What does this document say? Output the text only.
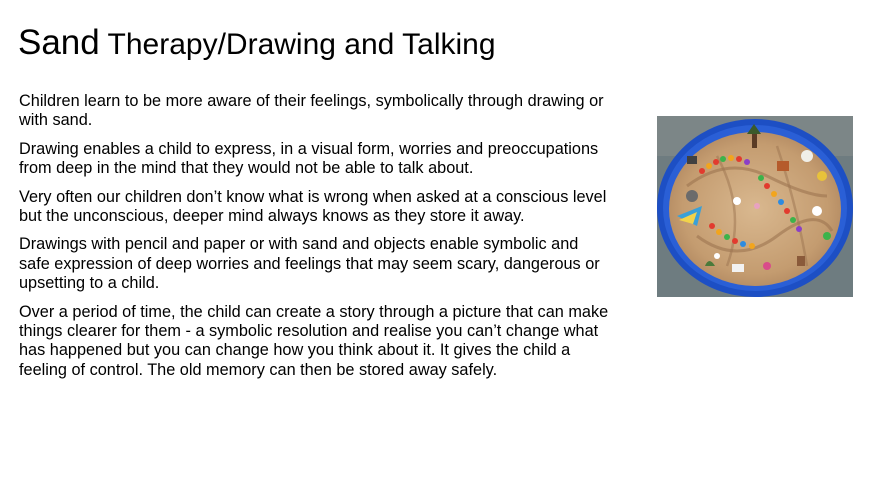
Sand Therapy/Drawing and Talking

Children learn to be more aware of their feelings, symbolically through drawing or with sand.

Drawing enables a child to express, in a visual form, worries and preoccupations from deep in the mind that they would not be able to talk about.

Very often our children don’t know what is wrong when asked at a conscious level but the unconscious, deeper mind always knows as they store it away.

Drawings with pencil and paper or with sand and objects enable symbolic and safe expression of deep worries and feelings that may seem scary, dangerous or upsetting to a child.

Over a period of time, the child can create a story through a picture that can make things clearer for them - a symbolic resolution and realise you can’t change what has happened but you can change how you think about it. It gives the child a feeling of control. The old memory can then be stored away safely.
